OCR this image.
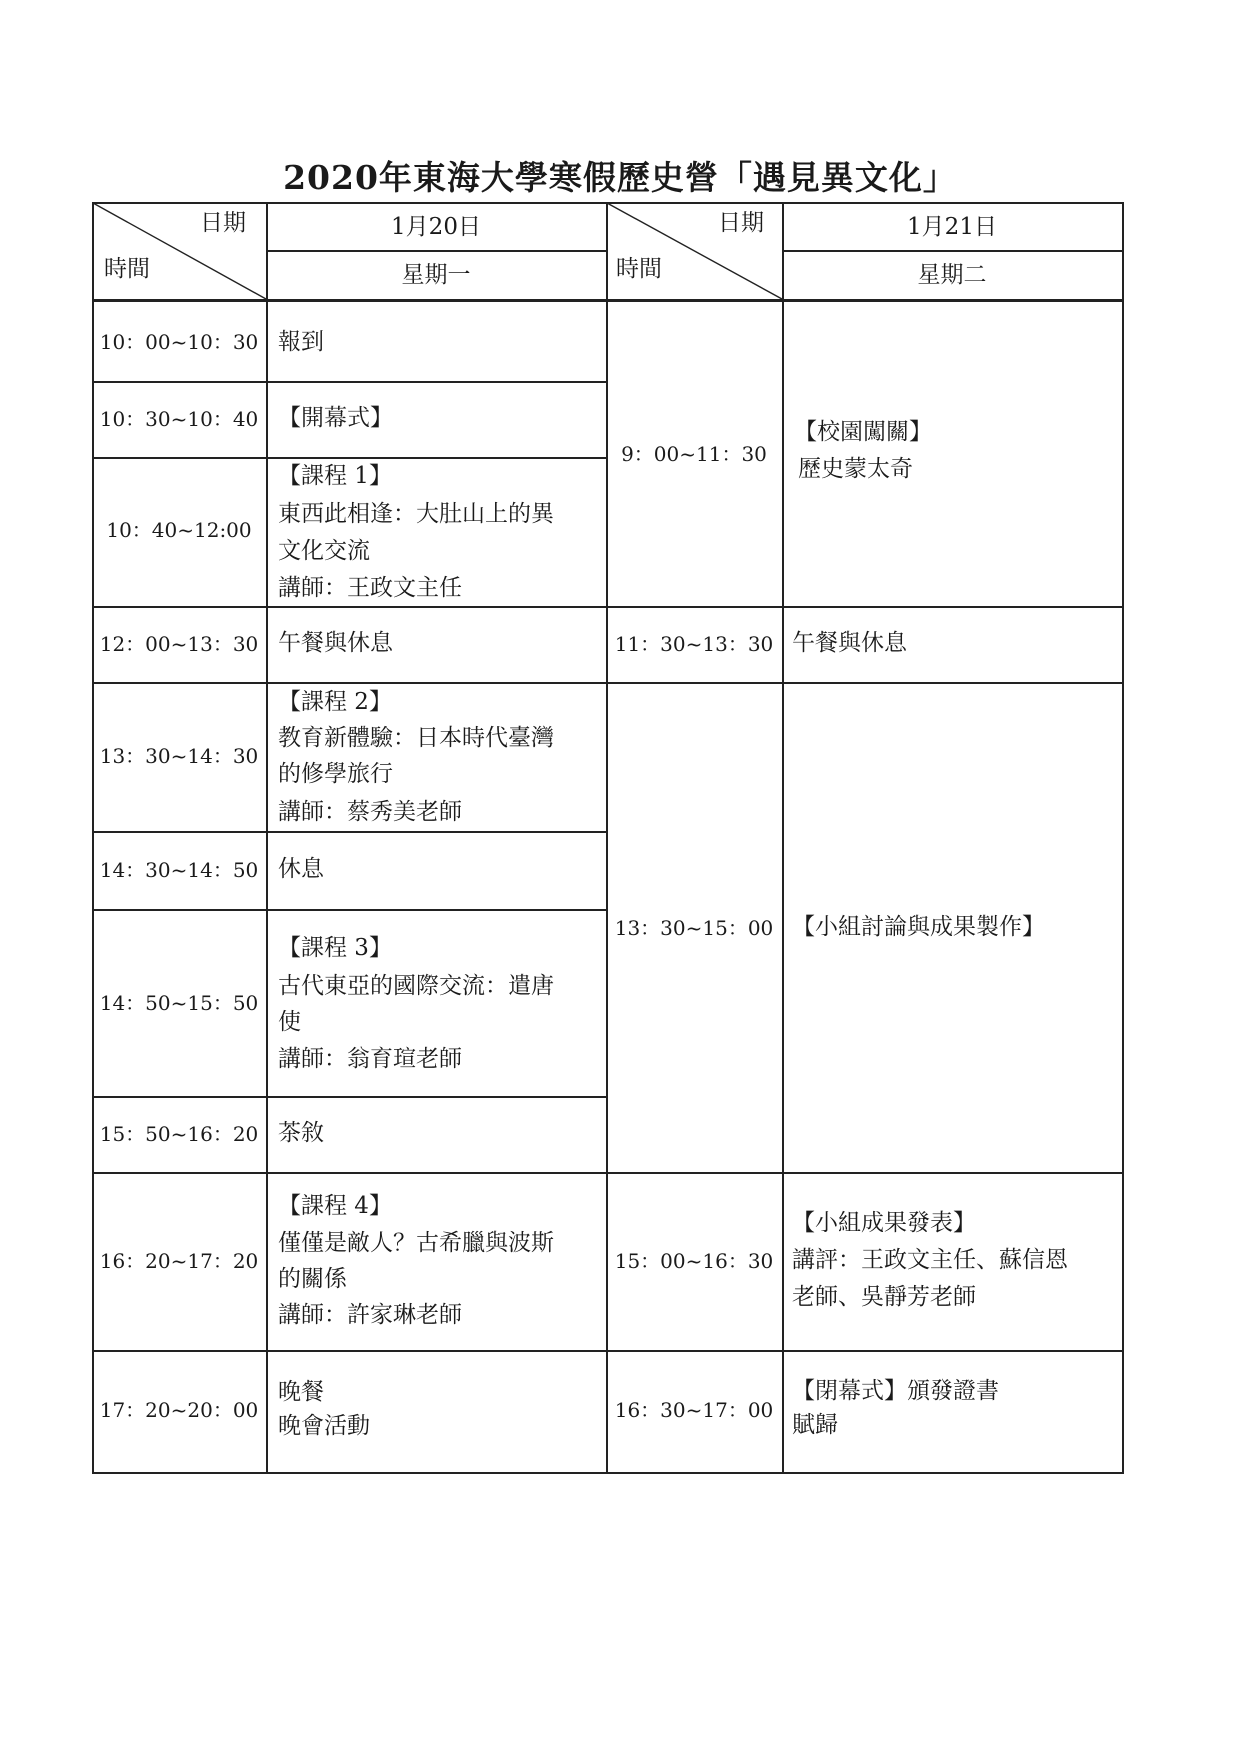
2020年東海大學寒假歷史營「遇見異文化」
日期
時間
1月20日
星期一
日期
時間
1月21日
星期二
10：00~10：30
10：30~10：40
10：40~12:00
12：00~13：30
13：30~14：30
14：30~14：50
14：50~15：50
15：50~16：20
16：20~17：20
17：20~20：00
報到
【開幕式】
【課程 1】
東西此相逢：大肚山上的異
文化交流
講師：王政文主任
午餐與休息
【課程 2】
教育新體驗：日本時代臺灣
的修學旅行
講師：蔡秀美老師
休息
【課程 3】
古代東亞的國際交流：遣唐
使
講師：翁育瑄老師
茶敘
【課程 4】
僅僅是敵人？古希臘與波斯
的關係
講師：許家琳老師
晚餐
晚會活動
9：00~11：30
11：30~13：30
13：30~15：00
15：00~16：30
16：30~17：00
【校園闖關】
歷史蒙太奇
午餐與休息
【小組討論與成果製作】
【小組成果發表】
講評：王政文主任、蘇信恩
老師、吳靜芳老師
【閉幕式】頒發證書
賦歸
